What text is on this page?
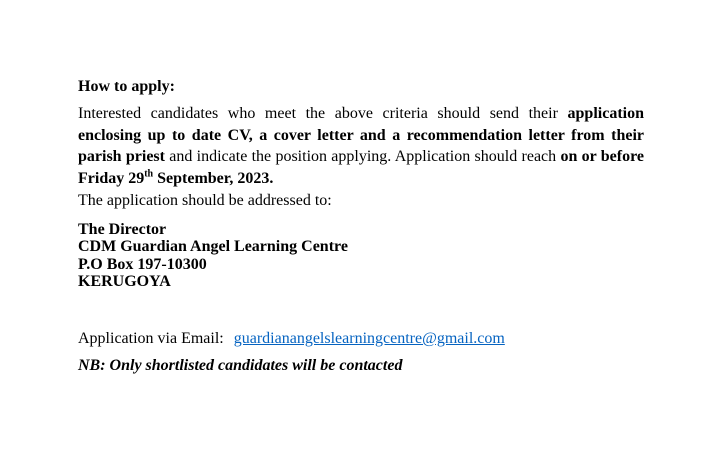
How to apply:

Interested candidates who meet the above criteria should send their application enclosing up to date CV, a cover letter and a recommendation letter from their parish priest and indicate the position applying. Application should reach on or before Friday 29th September, 2023.

The application should be addressed to:

The Director
CDM Guardian Angel Learning Centre
P.O Box 197-10300
KERUGOYA

Application via Email: guardianangelslearningcentre@gmail.com

NB: Only shortlisted candidates will be contacted
